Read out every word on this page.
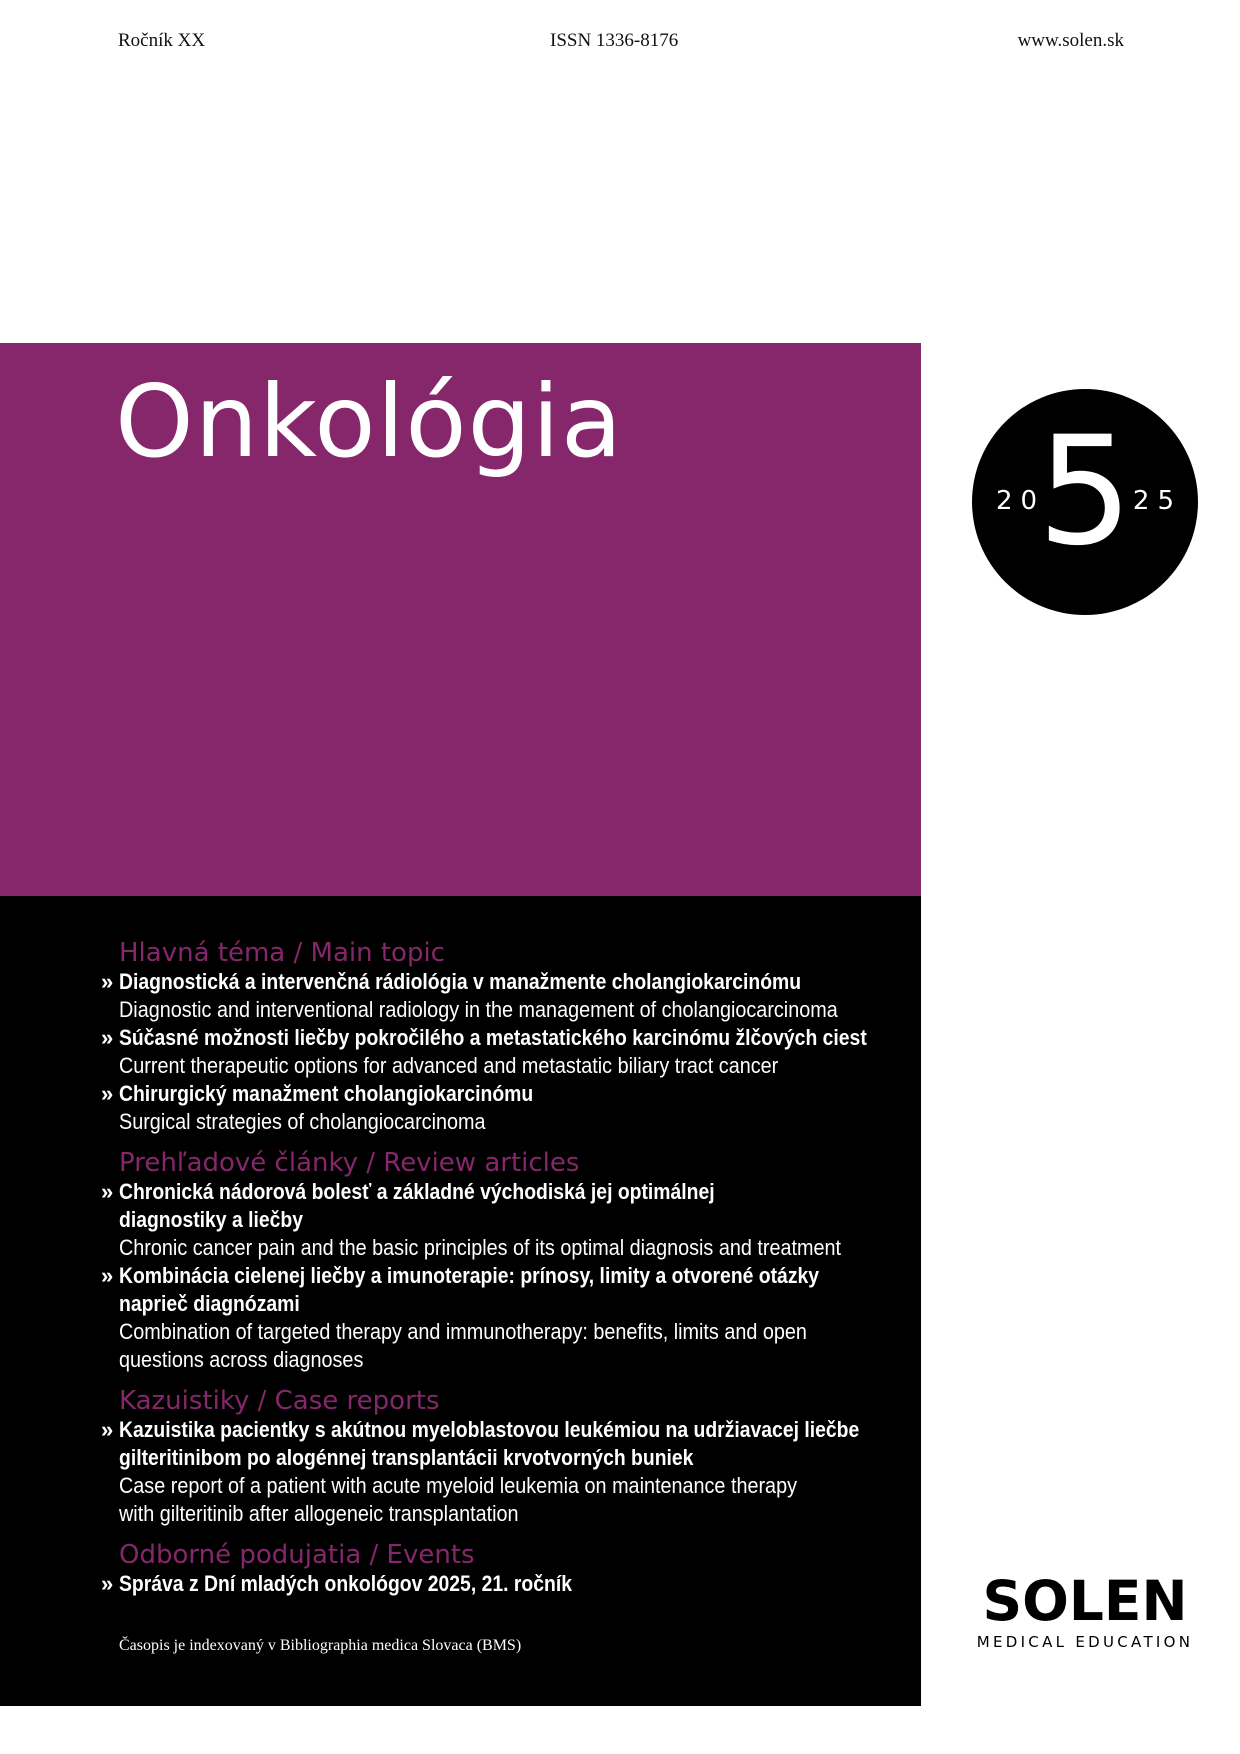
Ročník XX	ISSN 1336-8176	www.solen.sk
Onkológia
20
5 25
Hlavná téma / Main topic
» Diagnostická a intervenčná rádiológia v manažmente cholangiokarcinómu
Diagnostic and interventional radiology in the management of cholangiocarcinoma
» Súčasné možnosti liečby pokročilého a metastatického karcinómu žlčových ciest
Current therapeutic options for advanced and metastatic biliary tract cancer
» Chirurgický manažment cholangiokarcinómu
Surgical strategies of cholangiocarcinoma
Prehľadové články / Review articles
» Chronická nádorová bolesť a základné východiská jej optimálnej
diagnostiky a liečby
Chronic cancer pain and the basic principles of its optimal diagnosis and treatment
» Kombinácia cielenej liečby a imunoterapie: prínosy, limity a otvorené otázky
naprieč diagnózami
Combination of targeted therapy and immunotherapy: benefits, limits and open
questions across diagnoses
Kazuistiky / Case reports
» Kazuistika pacientky s akútnou myeloblastovou leukémiou na udržiavacej liečbe
gilteritinibom po alogénnej transplantácii krvotvorných buniek
Case report of a patient with acute myeloid leukemia on maintenance therapy
with gilteritinib after allogeneic transplantation
Odborné podujatia / Events
» Správa z Dní mladých onkológov 2025, 21. ročník
Časopis je indexovaný v Bibliographia medica Slovaca (BMS)
SOLEN
MEDICAL EDUCATION
